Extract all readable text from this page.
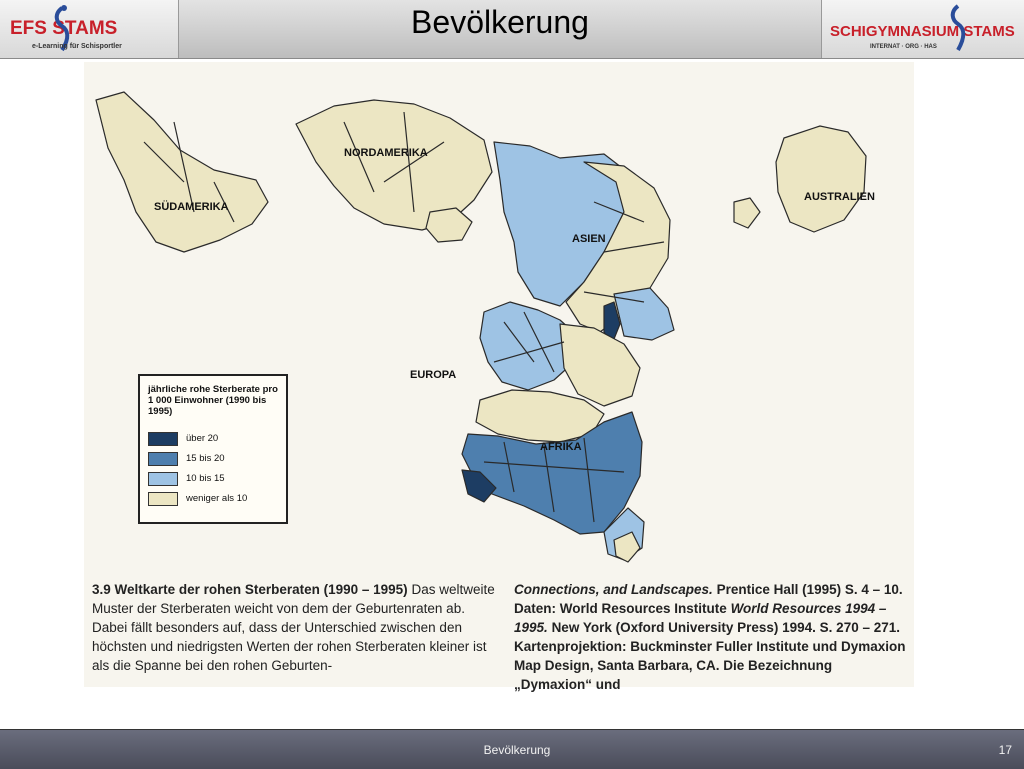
EFS STAMS
e-Learning für Schisportler
Bevölkerung	SCHIGYMNASIUM STAMS
INTERNAT · ORG · HAS
SÜDAMERIKA
NORDAMERIKA
ASIEN
AUSTRALIEN
EUROPA
AFRIKA
jährliche rohe Sterberate pro 1 000 Einwohner (1990 bis 1995)
über 20
15 bis 20
10 bis 15
weniger als 10
3.9 Weltkarte der rohen Sterberaten (1990 – 1995) Das weltweite Muster der Sterberaten weicht von dem der Geburtenraten ab. Dabei fällt besonders auf, dass der Unterschied zwischen den höchsten und niedrigsten Werten der rohen Sterberaten kleiner ist als die Spanne bei den rohen Geburten-
Connections, and Landscapes. Prentice Hall (1995) S. 4 – 10. Daten: World Resources Institute World Resources 1994 – 1995. New York (Oxford University Press) 1994. S. 270 – 271. Kartenprojektion: Buckminster Fuller Institute und Dymaxion Map Design, Santa Barbara, CA. Die Bezeichnung „Dymaxion“ und
Bevölkerung	17
